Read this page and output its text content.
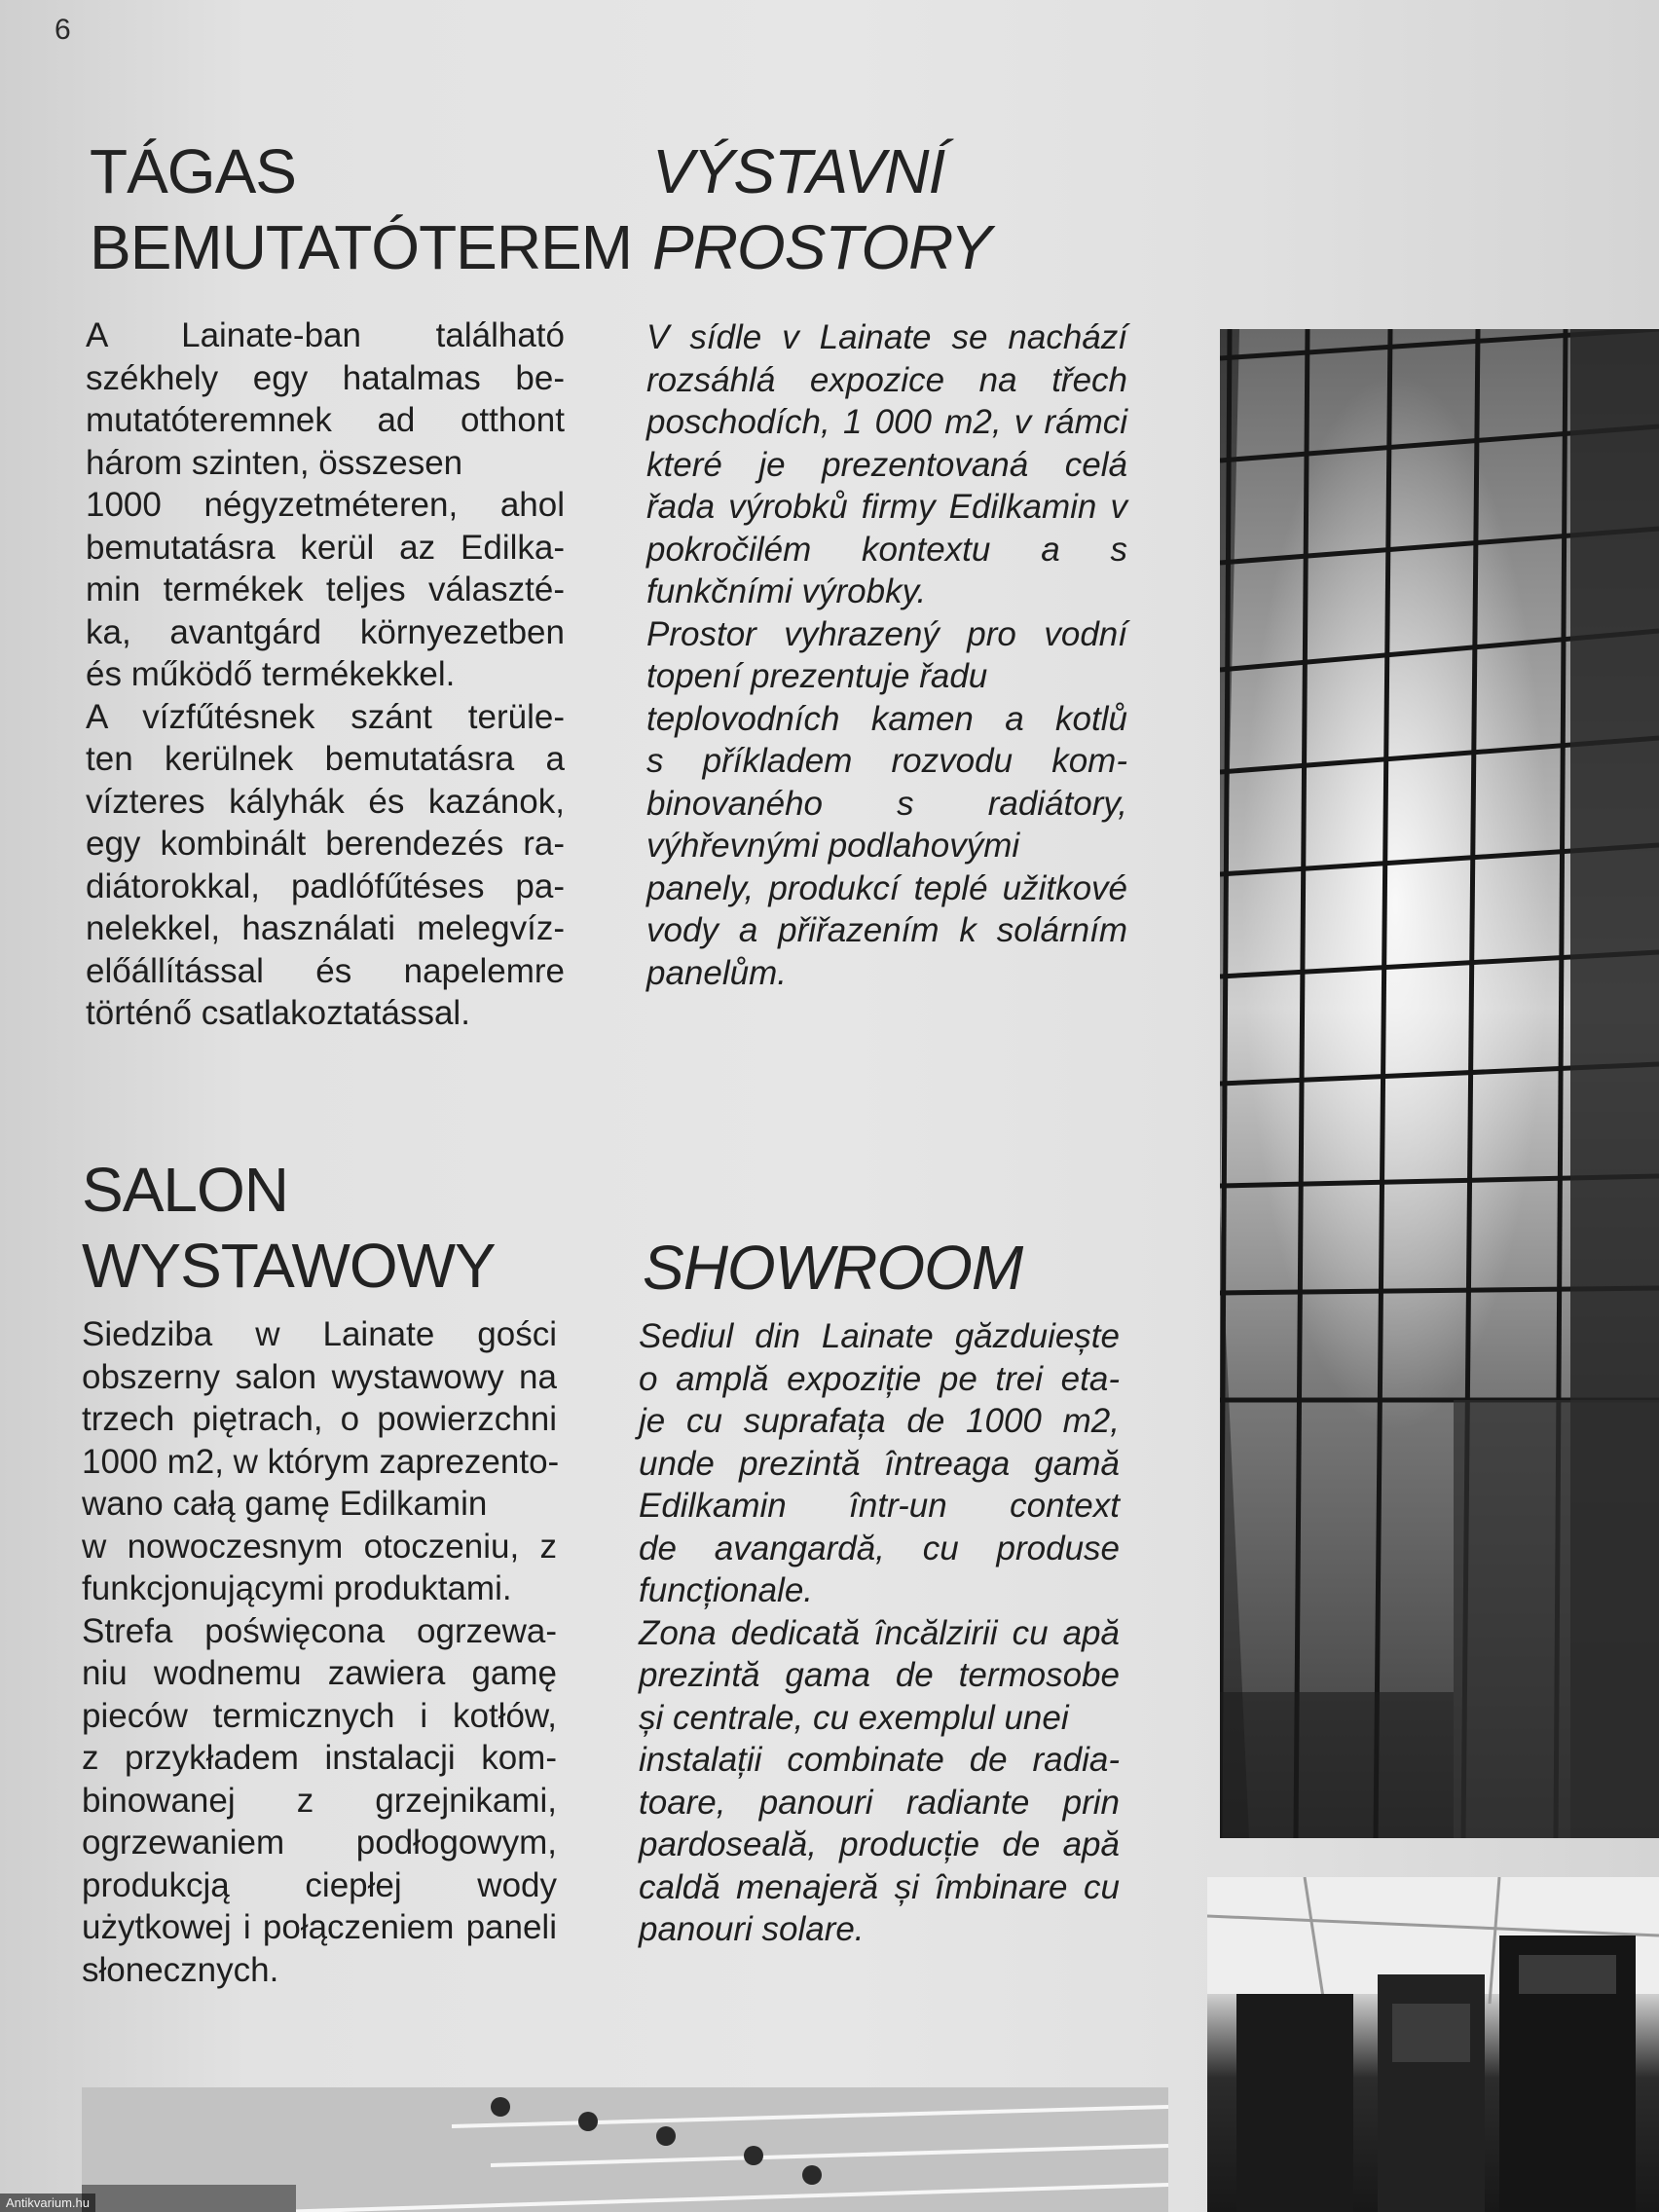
6
TÁGAS
BEMUTATÓTEREM
A Lainate-ban található
székhely egy hatalmas be-
mutatóteremnek ad otthont
három szinten, összesen
1000 négyzetméteren, ahol
bemutatásra kerül az Edilka-
min termékek teljes választé-
ka, avantgárd környezetben
és működő termékekkel.
A vízfűtésnek szánt terüle-
ten kerülnek bemutatásra a
vízteres kályhák és kazánok,
egy kombinált berendezés ra-
diátorokkal, padlófűtéses pa-
nelekkel, használati melegvíz-
előállítással és napelemre
történő csatlakoztatással.
VÝSTAVNÍ
PROSTORY
V sídle v Lainate se nachází
rozsáhlá expozice na třech
poschodích, 1 000 m2, v rámci
které je prezentovaná celá
řada výrobků firmy Edilkamin v
pokročilém kontextu a s
funkčními výrobky.
Prostor vyhrazený pro vodní
topení prezentuje řadu
teplovodních kamen a kotlů
s příkladem rozvodu kom-
binovaného s radiátory,
výhřevnými podlahovými
panely, produkcí teplé užitkové
vody a přiřazením k solárním
panelům.
SALON
WYSTAWOWY
Siedziba w Lainate gości
obszerny salon wystawowy na
trzech piętrach, o powierzchni
1000 m2, w którym zaprezento-
wano całą gamę Edilkamin
w nowoczesnym otoczeniu, z
funkcjonującymi produktami.
Strefa poświęcona ogrzewa-
niu wodnemu zawiera gamę
pieców termicznych i kotłów,
z przykładem instalacji kom-
binowanej z grzejnikami,
ogrzewaniem podłogowym,
produkcją ciepłej wody
użytkowej i połączeniem paneli
słonecznych.
SHOWROOM
Sediul din Lainate găzduiește
o amplă expoziție pe trei eta-
je cu suprafața de 1000 m2,
unde prezintă întreaga gamă
Edilkamin într-un context
de avangardă, cu produse
funcționale.
Zona dedicată încălzirii cu apă
prezintă gama de termosobe
și centrale, cu exemplul unei
instalații combinate de radia-
toare, panouri radiante prin
pardoseală, producție de apă
caldă menajeră și îmbinare cu
panouri solare.
Antikvarium.hu
